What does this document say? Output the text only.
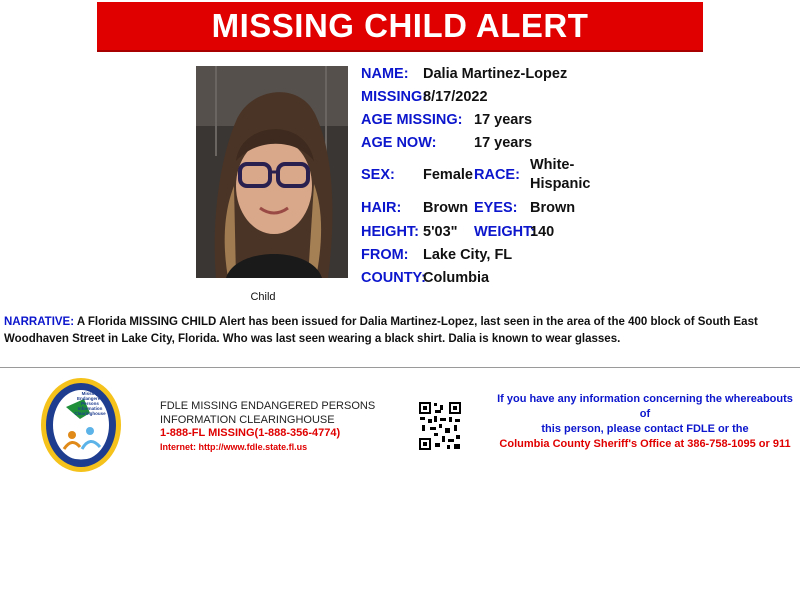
MISSING CHILD ALERT
Child
NAME: Dalia Martinez-Lopez
MISSING:
8/17/2022
AGE MISSING: 17 years
AGE NOW:	17 years
SEX:	Female RACE:
White-
Hispanic
HAIR:	Brown EYES: Brown
HEIGHT: 5'03"	WEIGHT:
140
FROM: Lake City, FL
COUNTY:
Columbia
NARRATIVE: A Florida MISSING CHILD Alert has been issued for Dalia Martinez-Lopez, last seen in the area of the 400 block of South East Woodhaven Street in Lake City, Florida. Who was last seen wearing a black shirt. Dalia is known to wear glasses.
Missing
Endangered
Persons
Information
Clearinghouse
FDLE MISSING ENDANGERED PERSONS
INFORMATION CLEARINGHOUSE
1-888-FL MISSING(1-888-356-4774)
Internet: http://www.fdle.state.fl.us
If you have any information concerning the whereabouts of
this person, please contact FDLE or the
Columbia County Sheriff's Office at 386-758-1095 or 911
